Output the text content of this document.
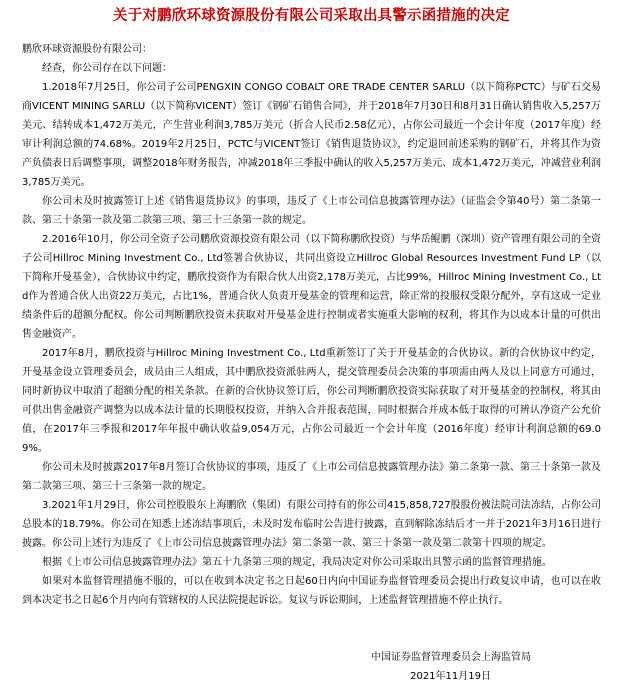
关于对鹏欣环球资源股份有限公司采取出具警示函措施的决定

鹏欣环球资源股份有限公司：

经查，你公司存在以下问题：

1.2018年7月25日，你公司子公司PENGXIN CONGO COBALT ORE TRADE CENTER SARLU（以下简称PCTC）与矿石交易商VICENT MINING SARLU（以下简称VICENT）签订《钢矿石销售合同》，并于2018年7月30日和8月31日确认销售收入5,257万美元、结转成本1,472万美元，产生营业利润3,785万美元（折合人民币2.58亿元），占你公司最近一个会计年度（2017年度）经审计利润总额的74.68%。2019年2月25日，PCTC与VICENT签订《销售退货协议》，约定退回前述采购的钢矿石，并将其作为资产负债表日后调整事项，调整2018年财务报告，冲减2018年三季报中确认的收入5,257万美元、成本1,472万美元，冲减营业利润3,785万美元。

你公司未及时披露签订上述《销售退货协议》的事项，违反了《上市公司信息披露管理办法》（证监会令第40号）第二条第一款、第三十条第一款及第二款第三项、第三十三条第一款的规定。

2.2016年10月，你公司全资子公司鹏欣资源投资有限公司（以下简称鹏欣投资）与华岳鲲鹏（深圳）资产管理有限公司的全资子公司Hillroc Mining Investment Co., Ltd签署合伙协议，共同出资设立Hillroc Global Resources Investment Fund LP（以下简称开曼基金），合伙协议中约定，鹏欣投资作为有限合伙人出资2,178万美元，占比99%，Hillroc Mining Investment Co., Ltd作为普通合伙人出资22万美元，占比1%，普通合伙人负责开曼基金的管理和运营，除正常的投服权受限分配外，享有这成一定业绩条件后的超额分配权。你公司判断鹏欣投资未获取对开曼基金进行控制或者实施重大影响的权利，将其作为以成本计量的可供出售金融资产。

2017年8月，鹏欣投资与Hillroc Mining Investment Co., Ltd重新签订了关于开曼基金的合伙协议。新的合伙协议中约定，开曼基金设立管理委员会，成员由三人组成，其中鹏欣投资派驻两人，提交管理委员会决策的事项需由两人及以上同意方可通过，同时新协议中取消了超额分配的相关条款。在新的合伙协议签订后，你公司判断鹏欣投资实际获取了对开曼基金的控制权，将其由可供出售金融资产调整为以成本法计量的长期股权投资，并纳入合并报表范围，同时根据合并成本低于取得的可辨认净资产公允价值，在2017年三季报和2017年年报中确认收益9,054万元，占你公司最近一个会计年度（2016年度）经审计利润总额的69.09%。

你公司未及时披露2017年8月签订合伙协议的事项，违反了《上市公司信息披露管理办法》第二条第一款、第三十条第一款及第二款第三项、第三十三条第一款的规定。

3.2021年1月29日，你公司控股股东上海鹏欣（集团）有限公司持有的你公司415,858,727股股份被法院司法冻结，占你公司总股本的18.79%。你公司在知悉上述冻结事项后，未及时发布临时公告进行披露，直到解除冻结后才一并于2021年3月16日进行披露。你公司上述行为违反了《上市公司信息披露管理办法》第二条第一款、第三十条第一款及第二款第十四项的规定。

根据《上市公司信息披露管理办法》第五十九条第三项的规定，我局决定对你公司采取出具警示函的监督管理措施。

如果对本监督管理措施不服的，可以在收到本决定书之日起60日内向中国证券监督管理委员会提出行政复议申请，也可以在收到本决定书之日起6个月内向有管辖权的人民法院提起诉讼。复议与诉讼期间，上述监督管理措施不停止执行。

中国证券监督管理委员会上海监管局

2021年11月19日
